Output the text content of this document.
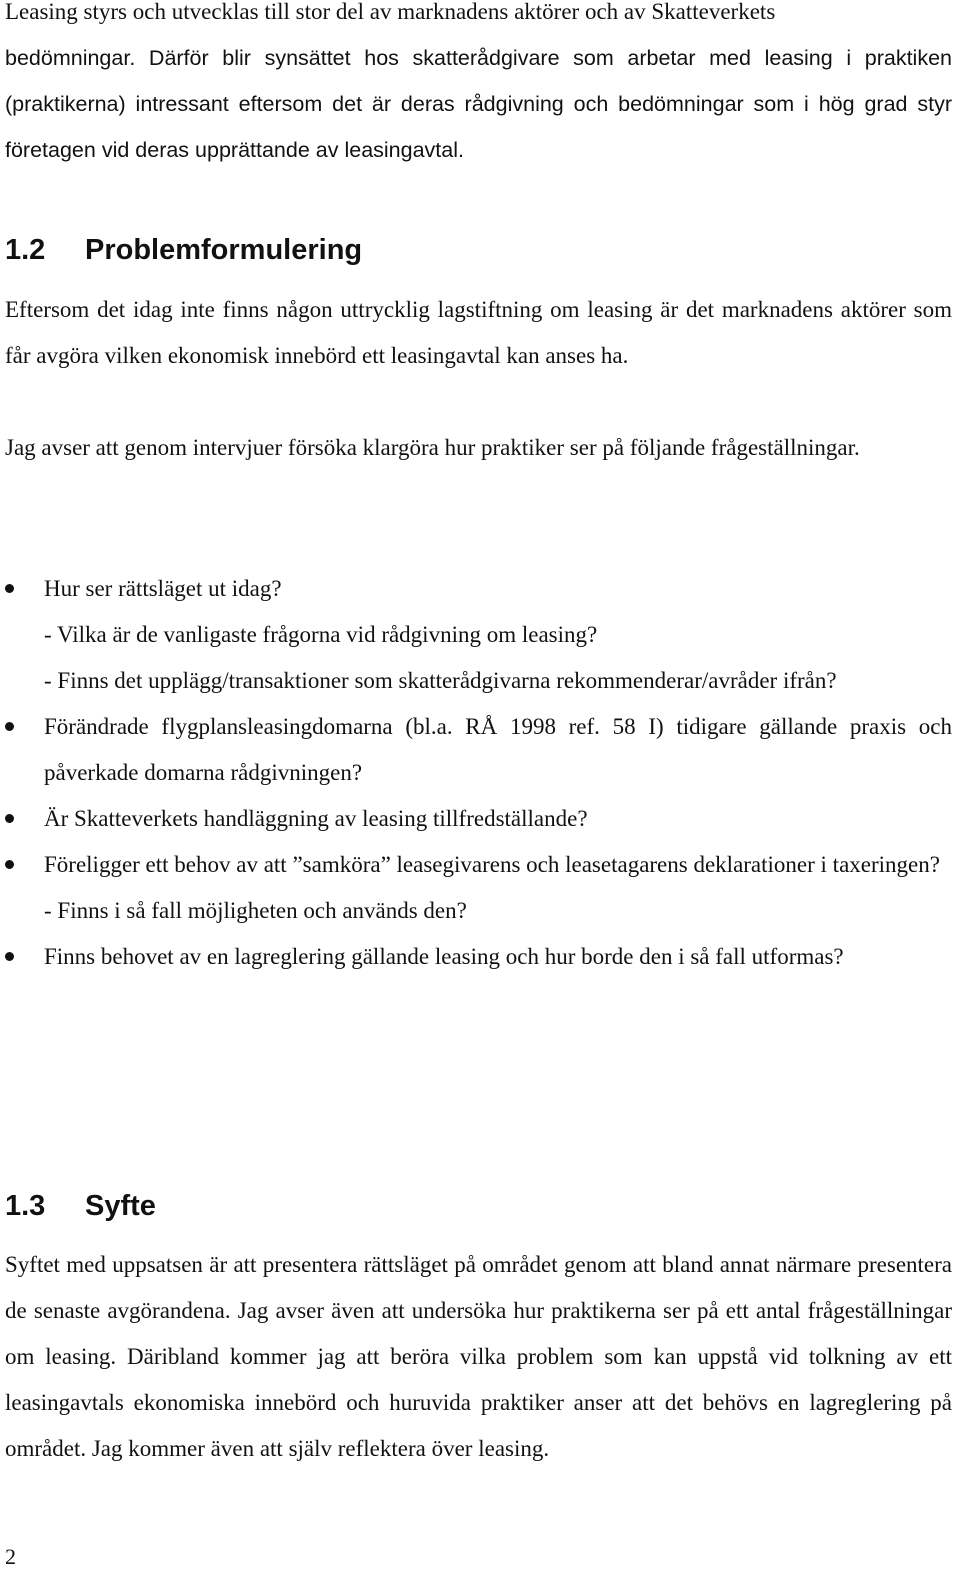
Leasing styrs och utvecklas till stor del av marknadens aktörer och av Skatteverkets

bedömningar. Därför blir synsättet hos skatterådgivare som arbetar med leasing i praktiken (praktikerna) intressant eftersom det är deras rådgivning och bedömningar som i hög grad styr företagen vid deras upprättande av leasingavtal.

1.2 Problemformulering

Eftersom det idag inte finns någon uttrycklig lagstiftning om leasing är det marknadens aktörer som får avgöra vilken ekonomisk innebörd ett leasingavtal kan anses ha.

Jag avser att genom intervjuer försöka klargöra hur praktiker ser på följande frågeställningar.

Hur ser rättsläget ut idag?
- Vilka är de vanligaste frågorna vid rådgivning om leasing?
- Finns det upplägg/transaktioner som skatterådgivarna rekommenderar/avråder ifrån?
Förändrade flygplansleasingdomarna (bl.a. RÅ 1998 ref. 58 I) tidigare gällande praxis och påverkade domarna rådgivningen?
Är Skatteverkets handläggning av leasing tillfredställande?
Föreligger ett behov av att ”samköra” leasegivarens och leasetagarens deklarationer i taxeringen?
- Finns i så fall möjligheten och används den?
Finns behovet av en lagreglering gällande leasing och hur borde den i så fall utformas?
1.3 Syfte

Syftet med uppsatsen är att presentera rättsläget på området genom att bland annat närmare presentera de senaste avgörandena. Jag avser även att undersöka hur praktikerna ser på ett antal frågeställningar om leasing. Däribland kommer jag att beröra vilka problem som kan uppstå vid tolkning av ett leasingavtals ekonomiska innebörd och huruvida praktiker anser att det behövs en lagreglering på området. Jag kommer även att själv reflektera över leasing.

2
